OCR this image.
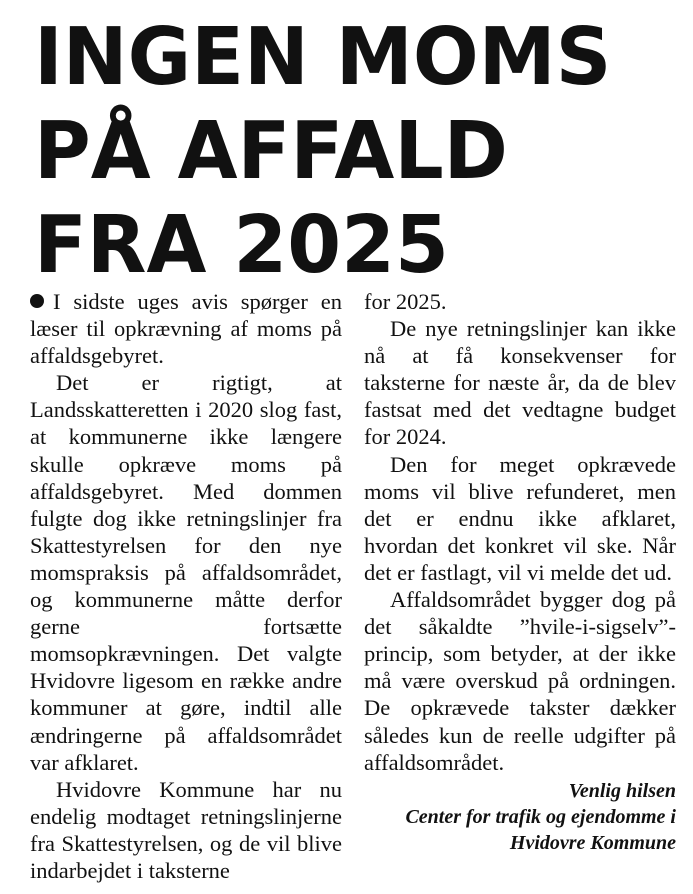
INGEN MOMS
PÅ AFFALD
FRA 2025

I sidste uges avis spørger en læser til opkrævning af moms på affaldsgebyret.

Det er rigtigt, at Landsskatteretten i 2020 slog fast, at kommunerne ikke længere skulle opkræve moms på affaldsgebyret. Med dommen fulgte dog ikke retningslinjer fra Skattestyrelsen for den nye momspraksis på affaldsområdet, og kommunerne måtte derfor gerne fortsætte momsopkrævningen. Det valgte Hvidovre ligesom en række andre kommuner at gøre, indtil alle ændringerne på affaldsområdet var afklaret.

Hvidovre Kommune har nu endelig modtaget retningslinjerne fra Skattestyrelsen, og de vil blive indarbejdet i taksterne

for 2025.

De nye retningslinjer kan ikke nå at få konsekvenser for taksterne for næste år, da de blev fastsat med det vedtagne budget for 2024.

Den for meget opkrævede moms vil blive refunderet, men det er endnu ikke afklaret, hvordan det konkret vil ske. Når det er fastlagt, vil vi melde det ud.

Affaldsområdet bygger dog på det såkaldte ”hvile-i-sigselv”-princip, som betyder, at der ikke må være overskud på ordningen. De opkrævede takster dækker således kun de reelle udgifter på affaldsområdet.

Venlig hilsen
Center for trafik og ejendomme i Hvidovre Kommune
